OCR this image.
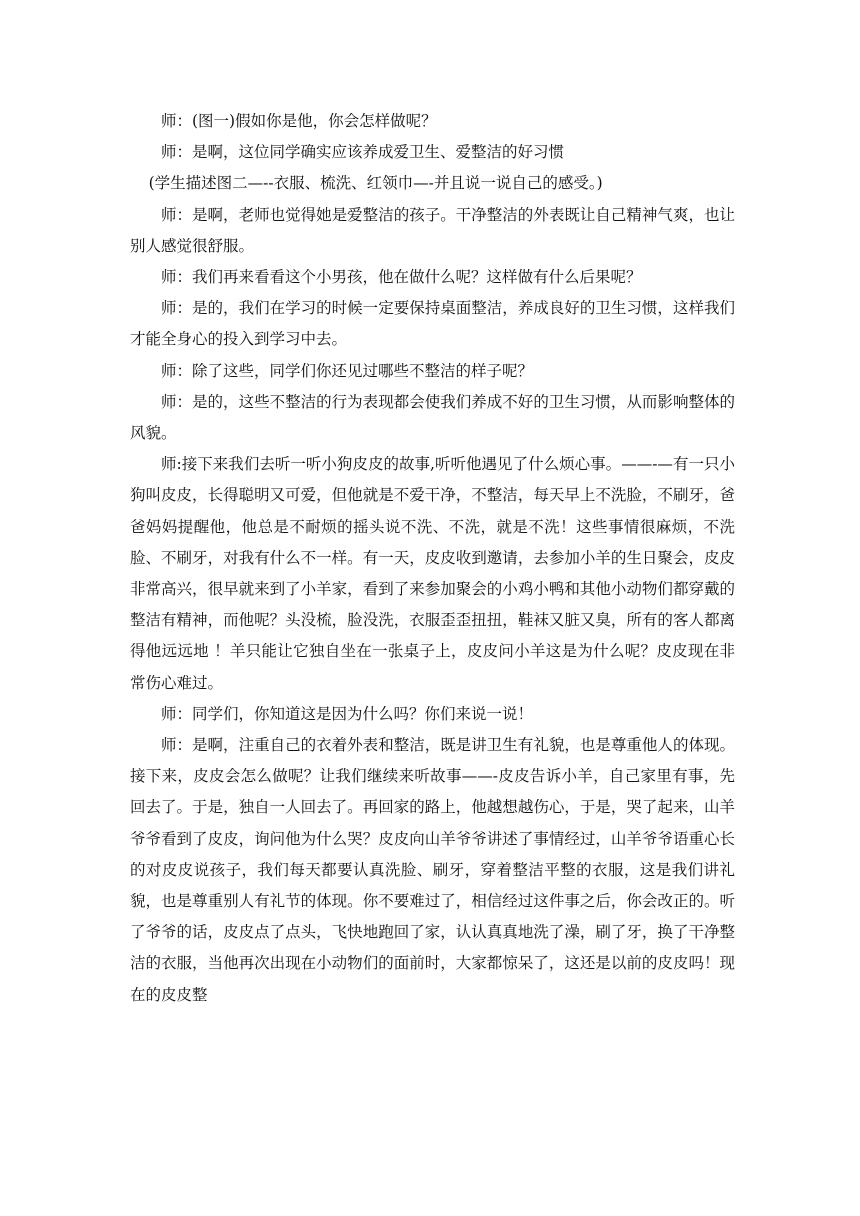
师：(图一)假如你是他，你会怎样做呢？

师：是啊，这位同学确实应该养成爱卫生、爱整洁的好习惯

(学生描述图二—--衣服、梳洗、红领巾—-并且说一说自己的感受。)

师：是啊，老师也觉得她是爱整洁的孩子。干净整洁的外表既让自己精神气爽，也让别人感觉很舒服。

师：我们再来看看这个小男孩，他在做什么呢？这样做有什么后果呢？

师：是的，我们在学习的时候一定要保持桌面整洁，养成良好的卫生习惯，这样我们才能全身心的投入到学习中去。

师：除了这些，同学们你还见过哪些不整洁的样子呢？

师：是的，这些不整洁的行为表现都会使我们养成不好的卫生习惯，从而影响整体的风貌。

师:接下来我们去听一听小狗皮皮的故事,听听他遇见了什么烦心事。——-—有一只小狗叫皮皮，长得聪明又可爱，但他就是不爱干净，不整洁，每天早上不洗脸，不刷牙，爸爸妈妈提醒他，他总是不耐烦的摇头说不洗、不洗，就是不洗！这些事情很麻烦，不洗脸、不刷牙，对我有什么不一样。有一天，皮皮收到邀请，去参加小羊的生日聚会，皮皮非常高兴，很早就来到了小羊家，看到了来参加聚会的小鸡小鸭和其他小动物们都穿戴的整洁有精神，而他呢？头没梳，脸没洗，衣服歪歪扭扭，鞋袜又脏又臭，所有的客人都离得他远远地 ！羊只能让它独自坐在一张桌子上，皮皮问小羊这是为什么呢？皮皮现在非常伤心难过。

师：同学们，你知道这是因为什么吗？你们来说一说！

师：是啊，注重自己的衣着外表和整洁，既是讲卫生有礼貌，也是尊重他人的体现。接下来，皮皮会怎么做呢？让我们继续来听故事——-皮皮告诉小羊，自己家里有事，先回去了。于是，独自一人回去了。再回家的路上，他越想越伤心，于是，哭了起来，山羊爷爷看到了皮皮，询问他为什么哭？皮皮向山羊爷爷讲述了事情经过，山羊爷爷语重心长的对皮皮说孩子，我们每天都要认真洗脸、刷牙，穿着整洁平整的衣服，这是我们讲礼貌，也是尊重别人有礼节的体现。你不要难过了，相信经过这件事之后，你会改正的。听了爷爷的话，皮皮点了点头，飞快地跑回了家，认认真真地洗了澡，刷了牙，换了干净整洁的衣服，当他再次出现在小动物们的面前时，大家都惊呆了，这还是以前的皮皮吗！现在的皮皮整
